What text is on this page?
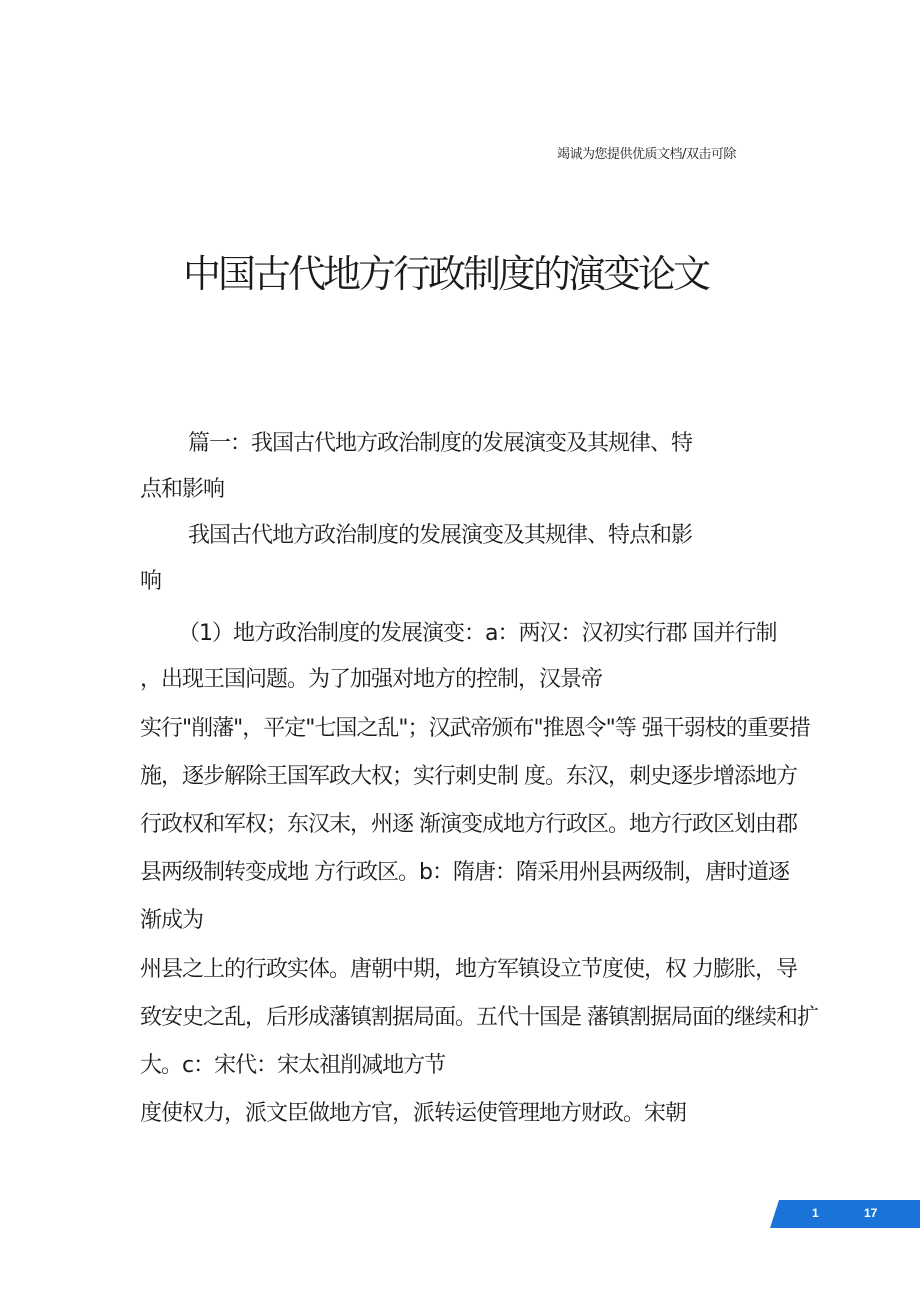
竭诚为您提供优质文档/双击可除
中国古代地方行政制度的演变论文
篇一：我国古代地方政治制度的发展演变及其规律、特
点和影响
我国古代地方政治制度的发展演变及其规律、特点和影
响
（1）地方政治制度的发展演变：a：两汉：汉初实行郡 国并行制
，出现王国问题。为了加强对地方的控制，汉景帝
实行"削藩"，平定"七国之乱"；汉武帝颁布"推恩令"等 强干弱枝的重要措
施，逐步解除王国军政大权；实行刺史制 度。东汉，刺史逐步增添地方
行政权和军权；东汉末，州逐 渐演变成地方行政区。地方行政区划由郡
县两级制转变成地 方行政区。b：隋唐：隋采用州县两级制，唐时道逐
渐成为
州县之上的行政实体。唐朝中期，地方军镇设立节度使，权 力膨胀，导
致安史之乱，后形成藩镇割据局面。五代十国是 藩镇割据局面的继续和扩
大。c：宋代：宋太祖削减地方节
度使权力，派文臣做地方官，派转运使管理地方财政。宋朝
1	17
